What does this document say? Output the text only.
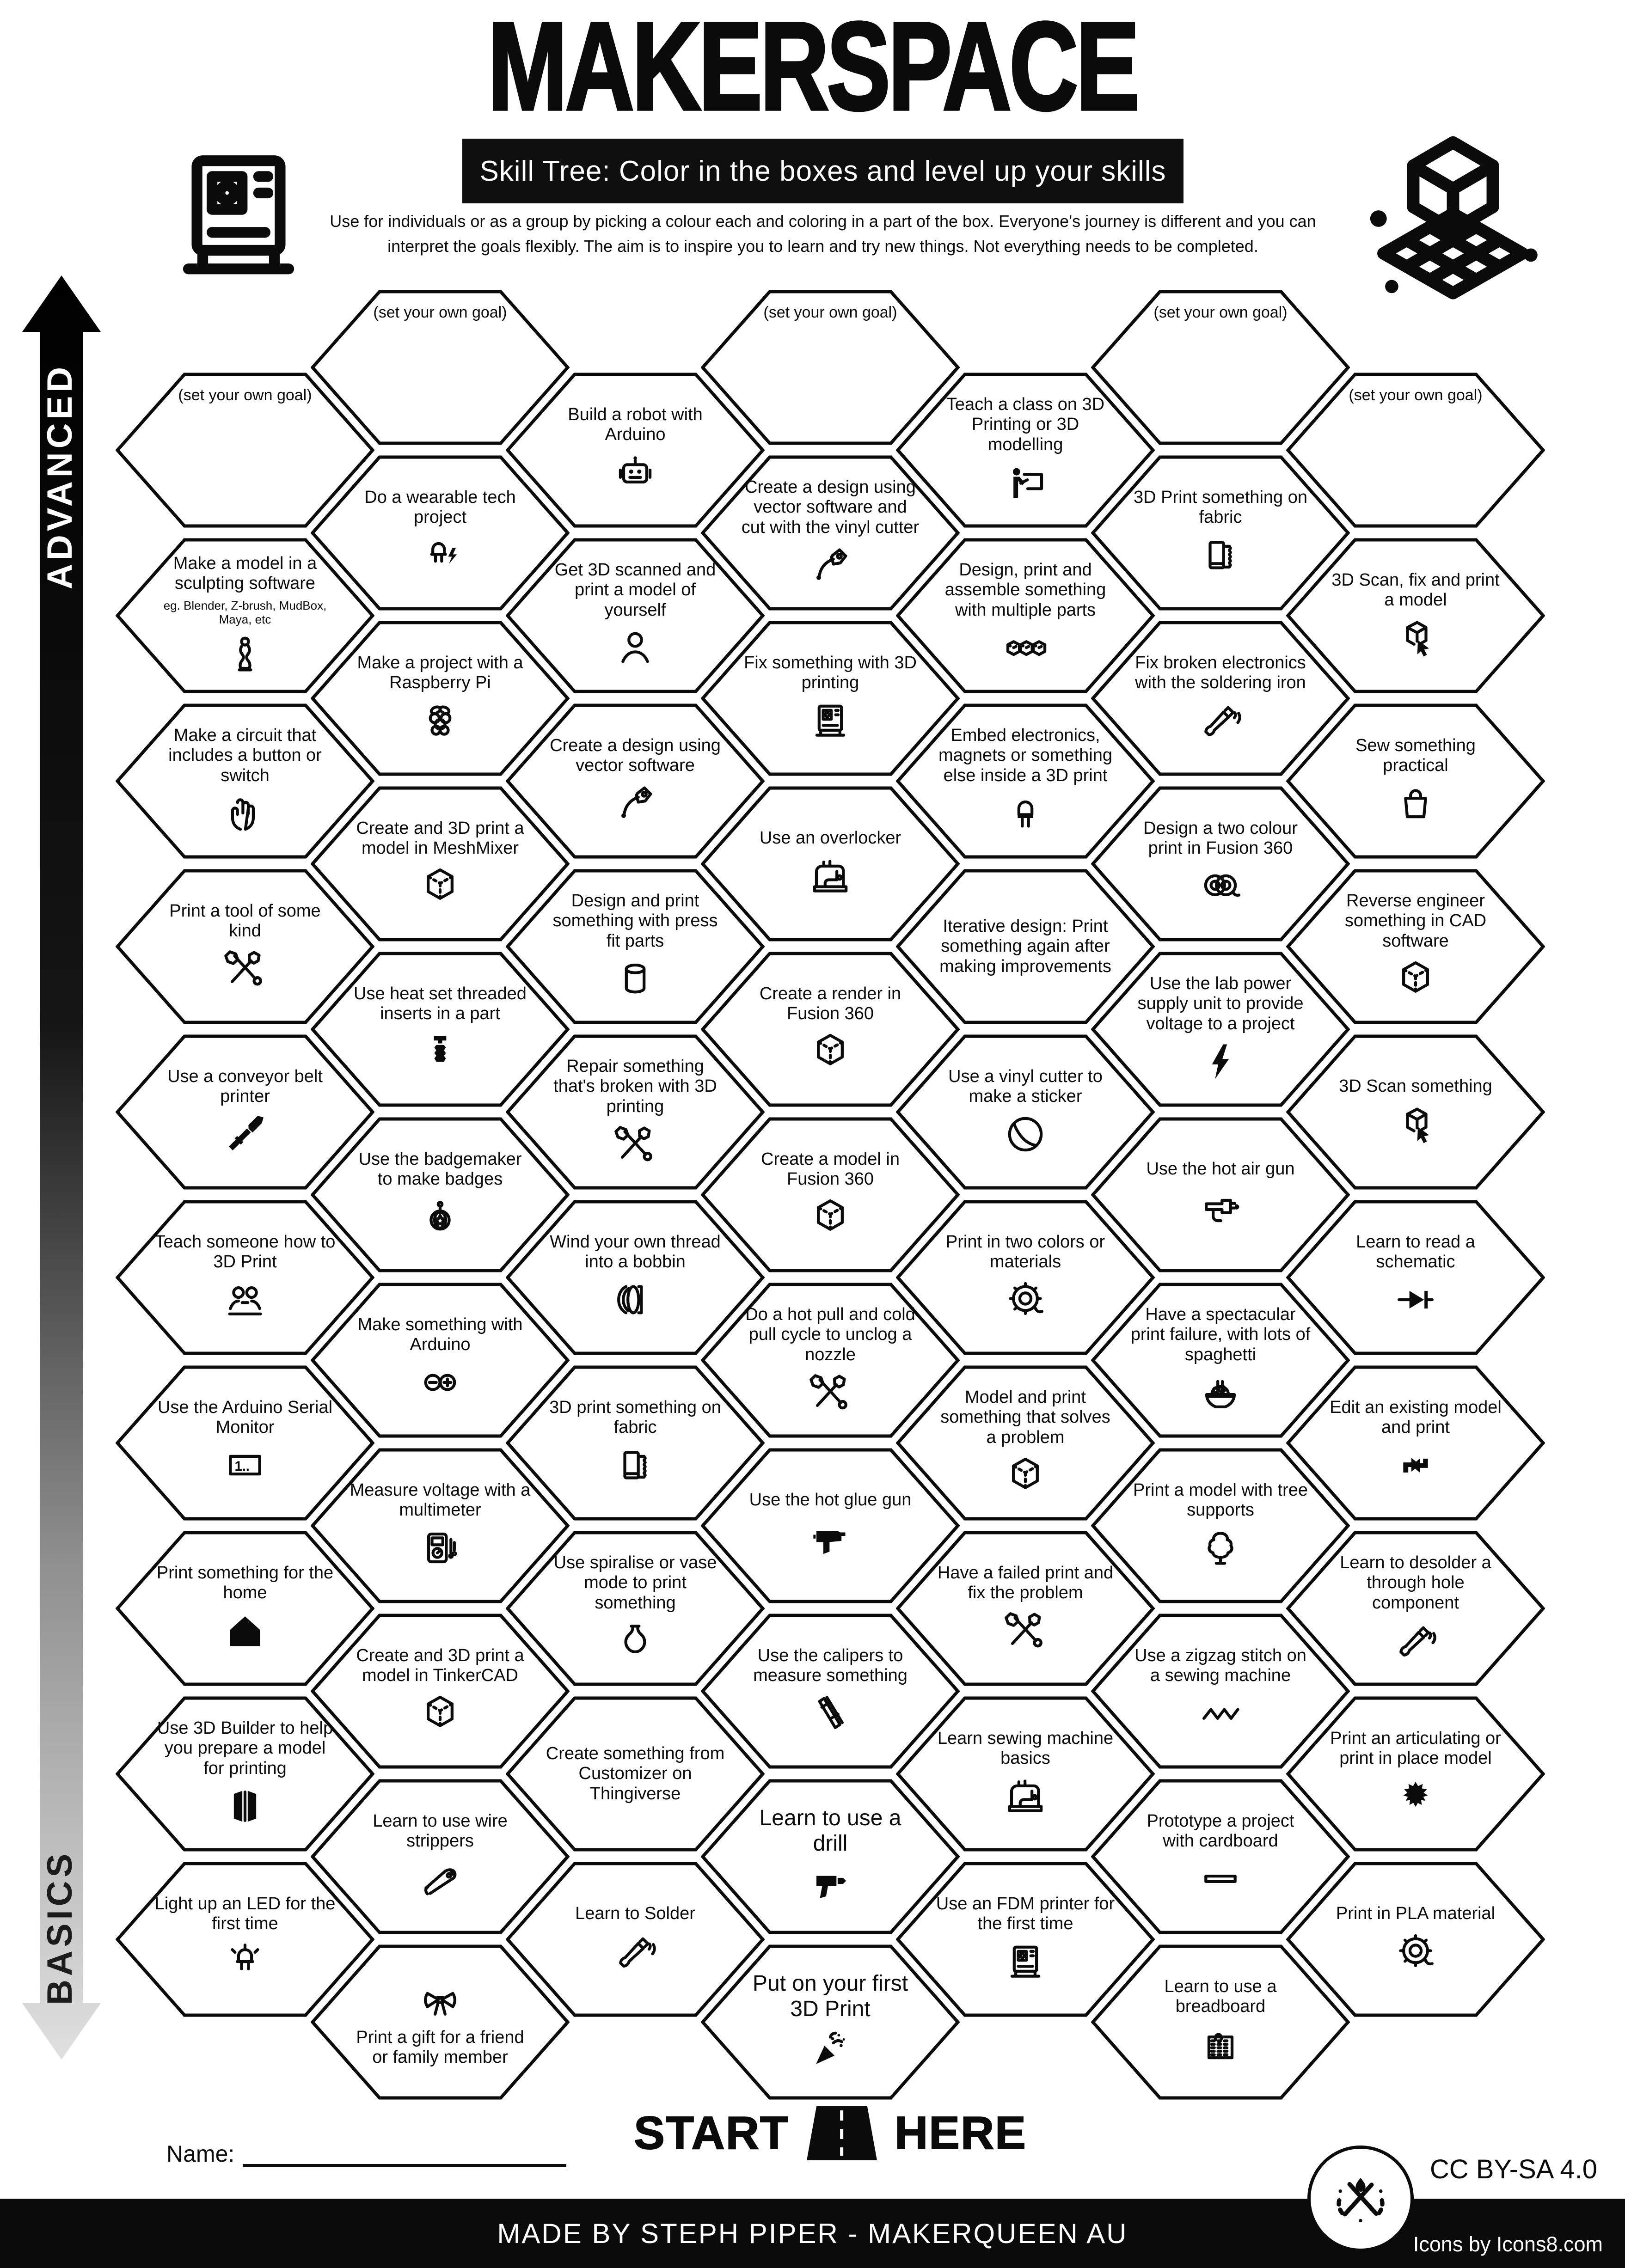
MAKERSPACE
Skill Tree: Color in the boxes and level up your skills
Use for individuals or as a group by picking a colour each and coloring in a part of the box. Everyone's journey is different and you can
interpret the goals flexibly. The aim is to inspire you to learn and try new things. Not everything needs to be completed.
ADVANCED
BASICS
(set your own goal)
Make a model in a sculpting software
eg. Blender, Z-brush, MudBox, Maya, etc
Make a circuit that includes a button or switch
Print a tool of some kind
Use a conveyor belt printer
Teach someone how to 3D Print
Use the Arduino Serial Monitor
1..
Print something for the home
Use 3D Builder to help you prepare a model for printing
Light up an LED for the first time
(set your own goal)
Do a wearable tech project
Make a project with a Raspberry Pi
Create and 3D print a model in MeshMixer
Use heat set threaded inserts in a part
Use the badgemaker to make badges
Make something with Arduino
Measure voltage with a multimeter
Create and 3D print a model in TinkerCAD
Learn to use wire strippers
Print a gift for a friend or family member
Build a robot with Arduino
Get 3D scanned and print a model of yourself
Create a design using vector software
Design and print something with press fit parts
Repair something that's broken with 3D printing
Wind your own thread into a bobbin
3D print something on fabric
Use spiralise or vase mode to print something
Create something from Customizer on Thingiverse
Learn to Solder
(set your own goal)
Create a design using vector software and cut with the vinyl cutter
Fix something with 3D printing
Use an overlocker
Create a render in Fusion 360
Create a model in Fusion 360
Do a hot pull and cold pull cycle to unclog a nozzle
Use the hot glue gun
Use the calipers to measure something
Learn to use a drill
Put on your first 3D Print
Teach a class on 3D Printing or 3D modelling
Design, print and assemble something with multiple parts
Embed electronics, magnets or something else inside a 3D print
Iterative design: Print something again after making improvements
Use a vinyl cutter to make a sticker
Print in two colors or materials
Model and print something that solves a problem
Have a failed print and fix the problem
Learn sewing machine basics
Use an FDM printer for the first time
(set your own goal)
3D Print something on fabric
Fix broken electronics with the soldering iron
Design a two colour print in Fusion 360
Use the lab power supply unit to provide voltage to a project
Use the hot air gun
Have a spectacular print failure, with lots of spaghetti
Print a model with tree supports
Use a zigzag stitch on a sewing machine
Prototype a project with cardboard
Learn to use a breadboard
(set your own goal)
3D Scan, fix and print a model
Sew something practical
Reverse engineer something in CAD software
3D Scan something
Learn to read a schematic
Edit an existing model and print
Learn to desolder a through hole component
Print an articulating or print in place model
Print in PLA material
START HERE
Name:
MADE BY STEPH PIPER - MAKERQUEEN AU
CC BY-SA 4.0
Icons by Icons8.com
